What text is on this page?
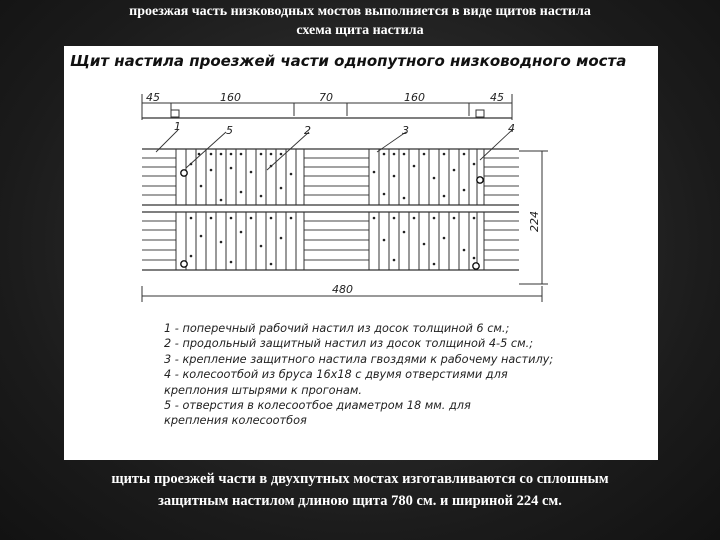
проезжая часть низководных мостов выполняется в виде щитов настила
схема щита настила
45	160	70	160	45
224
480
1	5	2	3	4
Щит настила проезжей части однопутного низководного моста
1 - поперечный рабочий настил из досок толщиной 6 см.;
2 - продольный защитный настил из досок толщиной 4-5 см.;
3 - крепление защитного настила гвоздями к рабочему настилу;
4 - колесоотбой из бруса 16х18 с двумя отверстиями для
креплония штырями к прогонам.
5 - отверстия в колесоотбое диаметром 18 мм. для
крепления колесоотбоя
щиты проезжей части в двухпутных мостах изготавливаются со сплошным
защитным настилом длиною щита 780 см. и шириной 224 см.
